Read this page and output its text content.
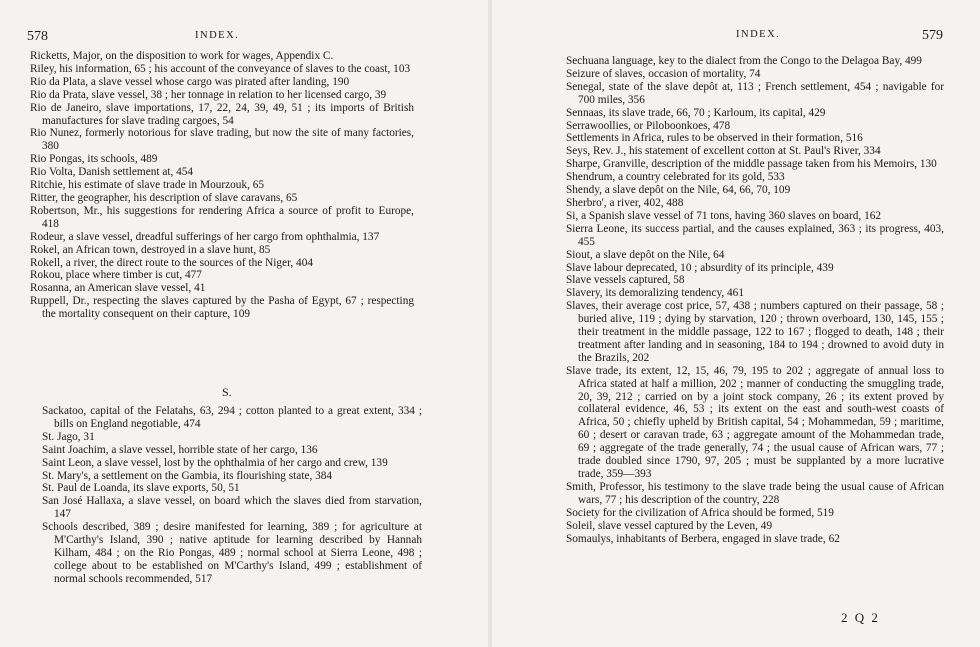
578	INDEX.
Ricketts, Major, on the disposition to work for wages, Appendix C.
Riley, his information, 65 ; his account of the conveyance of slaves to the coast, 103
Rio da Plata, a slave vessel whose cargo was pirated after landing, 190
Rio da Prata, slave vessel, 38 ; her tonnage in relation to her licensed cargo, 39
Rio de Janeiro, slave importations, 17, 22, 24, 39, 49, 51 ; its imports of British manufactures for slave trading cargoes, 54
Rio Nunez, formerly notorious for slave trading, but now the site of many factories, 380
Rio Pongas, its schools, 489
Rio Volta, Danish settlement at, 454
Ritchie, his estimate of slave trade in Mourzouk, 65
Ritter, the geographer, his description of slave caravans, 65
Robertson, Mr., his suggestions for rendering Africa a source of profit to Europe, 418
Rodeur, a slave vessel, dreadful sufferings of her cargo from ophthalmia, 137
Rokel, an African town, destroyed in a slave hunt, 85
Rokell, a river, the direct route to the sources of the Niger, 404
Rokou, place where timber is cut, 477
Rosanna, an American slave vessel, 41
Ruppell, Dr., respecting the slaves captured by the Pasha of Egypt, 67 ; respecting the mortality consequent on their capture, 109
S.
Sackatoo, capital of the Felatahs, 63, 294 ; cotton planted to a great extent, 334 ; bills on England negotiable, 474
St. Jago, 31
Saint Joachim, a slave vessel, horrible state of her cargo, 136
Saint Leon, a slave vessel, lost by the ophthalmia of her cargo and crew, 139
St. Mary's, a settlement on the Gambia, its flourishing state, 384
St. Paul de Loanda, its slave exports, 50, 51
San José Hallaxa, a slave vessel, on board which the slaves died from starvation, 147
Schools described, 389 ; desire manifested for learning, 389 ; for agriculture at M'Carthy's Island, 390 ; native aptitude for learning described by Hannah Kilham, 484 ; on the Rio Pongas, 489 ; normal school at Sierra Leone, 498 ; college about to be established on M'Carthy's Island, 499 ; establishment of normal schools recommended, 517
INDEX.	579
Sechuana language, key to the dialect from the Congo to the Delagoa Bay, 499
Seizure of slaves, occasion of mortality, 74
Senegal, state of the slave depôt at, 113 ; French settlement, 454 ; navigable for 700 miles, 356
Sennaas, its slave trade, 66, 70 ; Karloum, its capital, 429
Serrawoollies, or Piloboonkoes, 478
Settlements in Africa, rules to be observed in their formation, 516
Seys, Rev. J., his statement of excellent cotton at St. Paul's River, 334
Sharpe, Granville, description of the middle passage taken from his Memoirs, 130
Shendrum, a country celebrated for its gold, 533
Shendy, a slave depôt on the Nile, 64, 66, 70, 109
Sherbro', a river, 402, 488
Si, a Spanish slave vessel of 71 tons, having 360 slaves on board, 162
Sierra Leone, its success partial, and the causes explained, 363 ; its progress, 403, 455
Siout, a slave depôt on the Nile, 64
Slave labour deprecated, 10 ; absurdity of its principle, 439
Slave vessels captured, 58
Slavery, its demoralizing tendency, 461
Slaves, their average cost price, 57, 438 ; numbers captured on their passage, 58 ; buried alive, 119 ; dying by starvation, 120 ; thrown overboard, 130, 145, 155 ; their treatment in the middle passage, 122 to 167 ; flogged to death, 148 ; their treatment after landing and in seasoning, 184 to 194 ; drowned to avoid duty in the Brazils, 202
Slave trade, its extent, 12, 15, 46, 79, 195 to 202 ; aggregate of annual loss to Africa stated at half a million, 202 ; manner of conducting the smuggling trade, 20, 39, 212 ; carried on by a joint stock company, 26 ; its extent proved by collateral evidence, 46, 53 ; its extent on the east and south-west coasts of Africa, 50 ; chiefly upheld by British capital, 54 ; Mohammedan, 59 ; maritime, 60 ; desert or caravan trade, 63 ; aggregate amount of the Mohammedan trade, 69 ; aggregate of the trade generally, 74 ; the usual cause of African wars, 77 ; trade doubled since 1790, 97, 205 ; must be supplanted by a more lucrative trade, 359—393
Smith, Professor, his testimony to the slave trade being the usual cause of African wars, 77 ; his description of the country, 228
Society for the civilization of Africa should be formed, 519
Soleil, slave vessel captured by the Leven, 49
Somaulys, inhabitants of Berbera, engaged in slave trade, 62
2 Q 2
